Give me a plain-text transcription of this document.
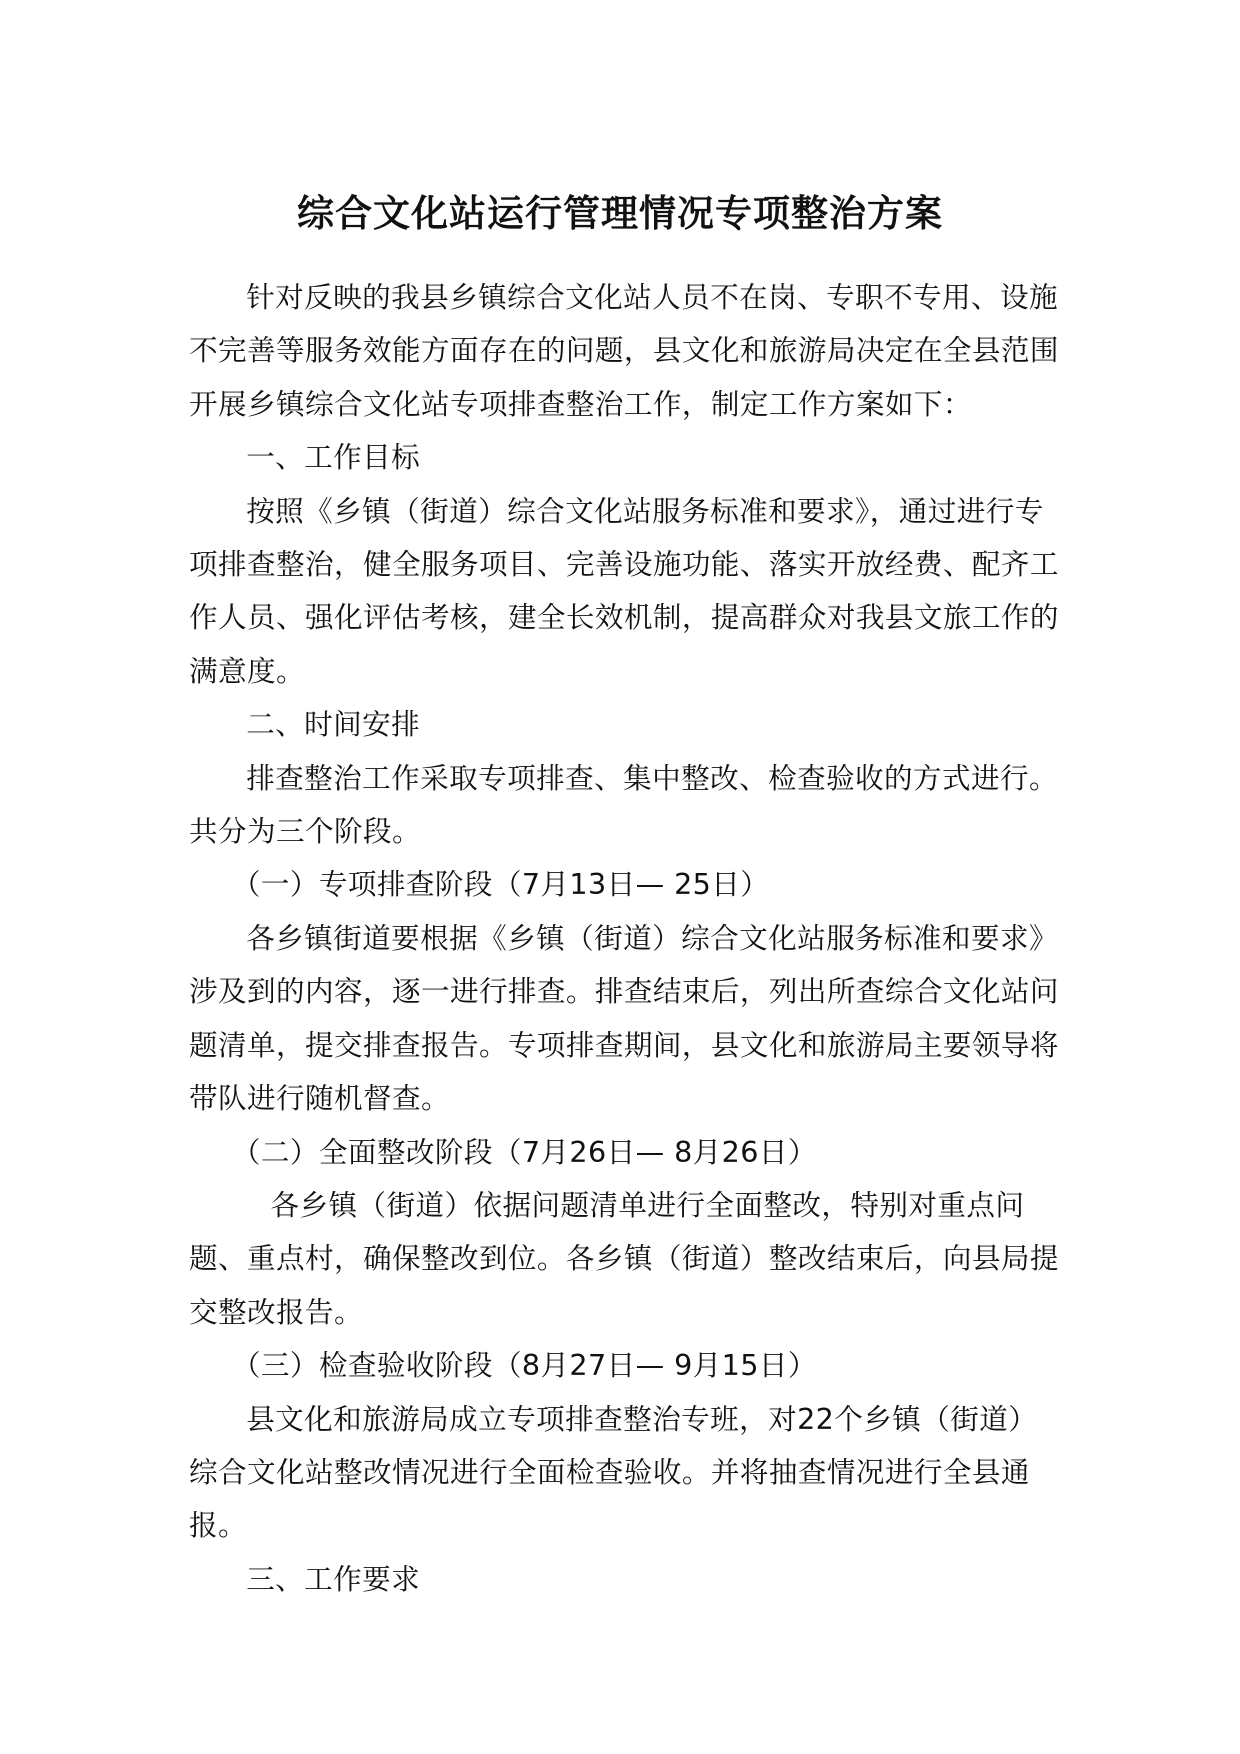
综合文化站运行管理情况专项整治方案

针对反映的我县乡镇综合文化站人员不在岗、专职不专用、设施不完善等服务效能方面存在的问题，县文化和旅游局决定在全县范围开展乡镇综合文化站专项排查整治工作，制定工作方案如下：

一、工作目标

按照《乡镇（街道）综合文化站服务标准和要求》，通过进行专项排查整治，健全服务项目、完善设施功能、落实开放经费、配齐工作人员、强化评估考核，建全长效机制，提高群众对我县文旅工作的满意度。

二、时间安排

排查整治工作采取专项排查、集中整改、检查验收的方式进行。共分为三个阶段。

（一）专项排查阶段（7月13日— 25日）

各乡镇街道要根据《乡镇（街道）综合文化站服务标准和要求》涉及到的内容，逐一进行排查。排查结束后，列出所查综合文化站问题清单，提交排查报告。专项排查期间，县文化和旅游局主要领导将带队进行随机督查。

（二）全面整改阶段（7月26日— 8月26日）

各乡镇（街道）依据问题清单进行全面整改，特别对重点问题、重点村，确保整改到位。各乡镇（街道）整改结束后，向县局提交整改报告。

（三）检查验收阶段（8月27日— 9月15日）

县文化和旅游局成立专项排查整治专班，对22个乡镇（街道）综合文化站整改情况进行全面检查验收。并将抽查情况进行全县通报。

三、工作要求
